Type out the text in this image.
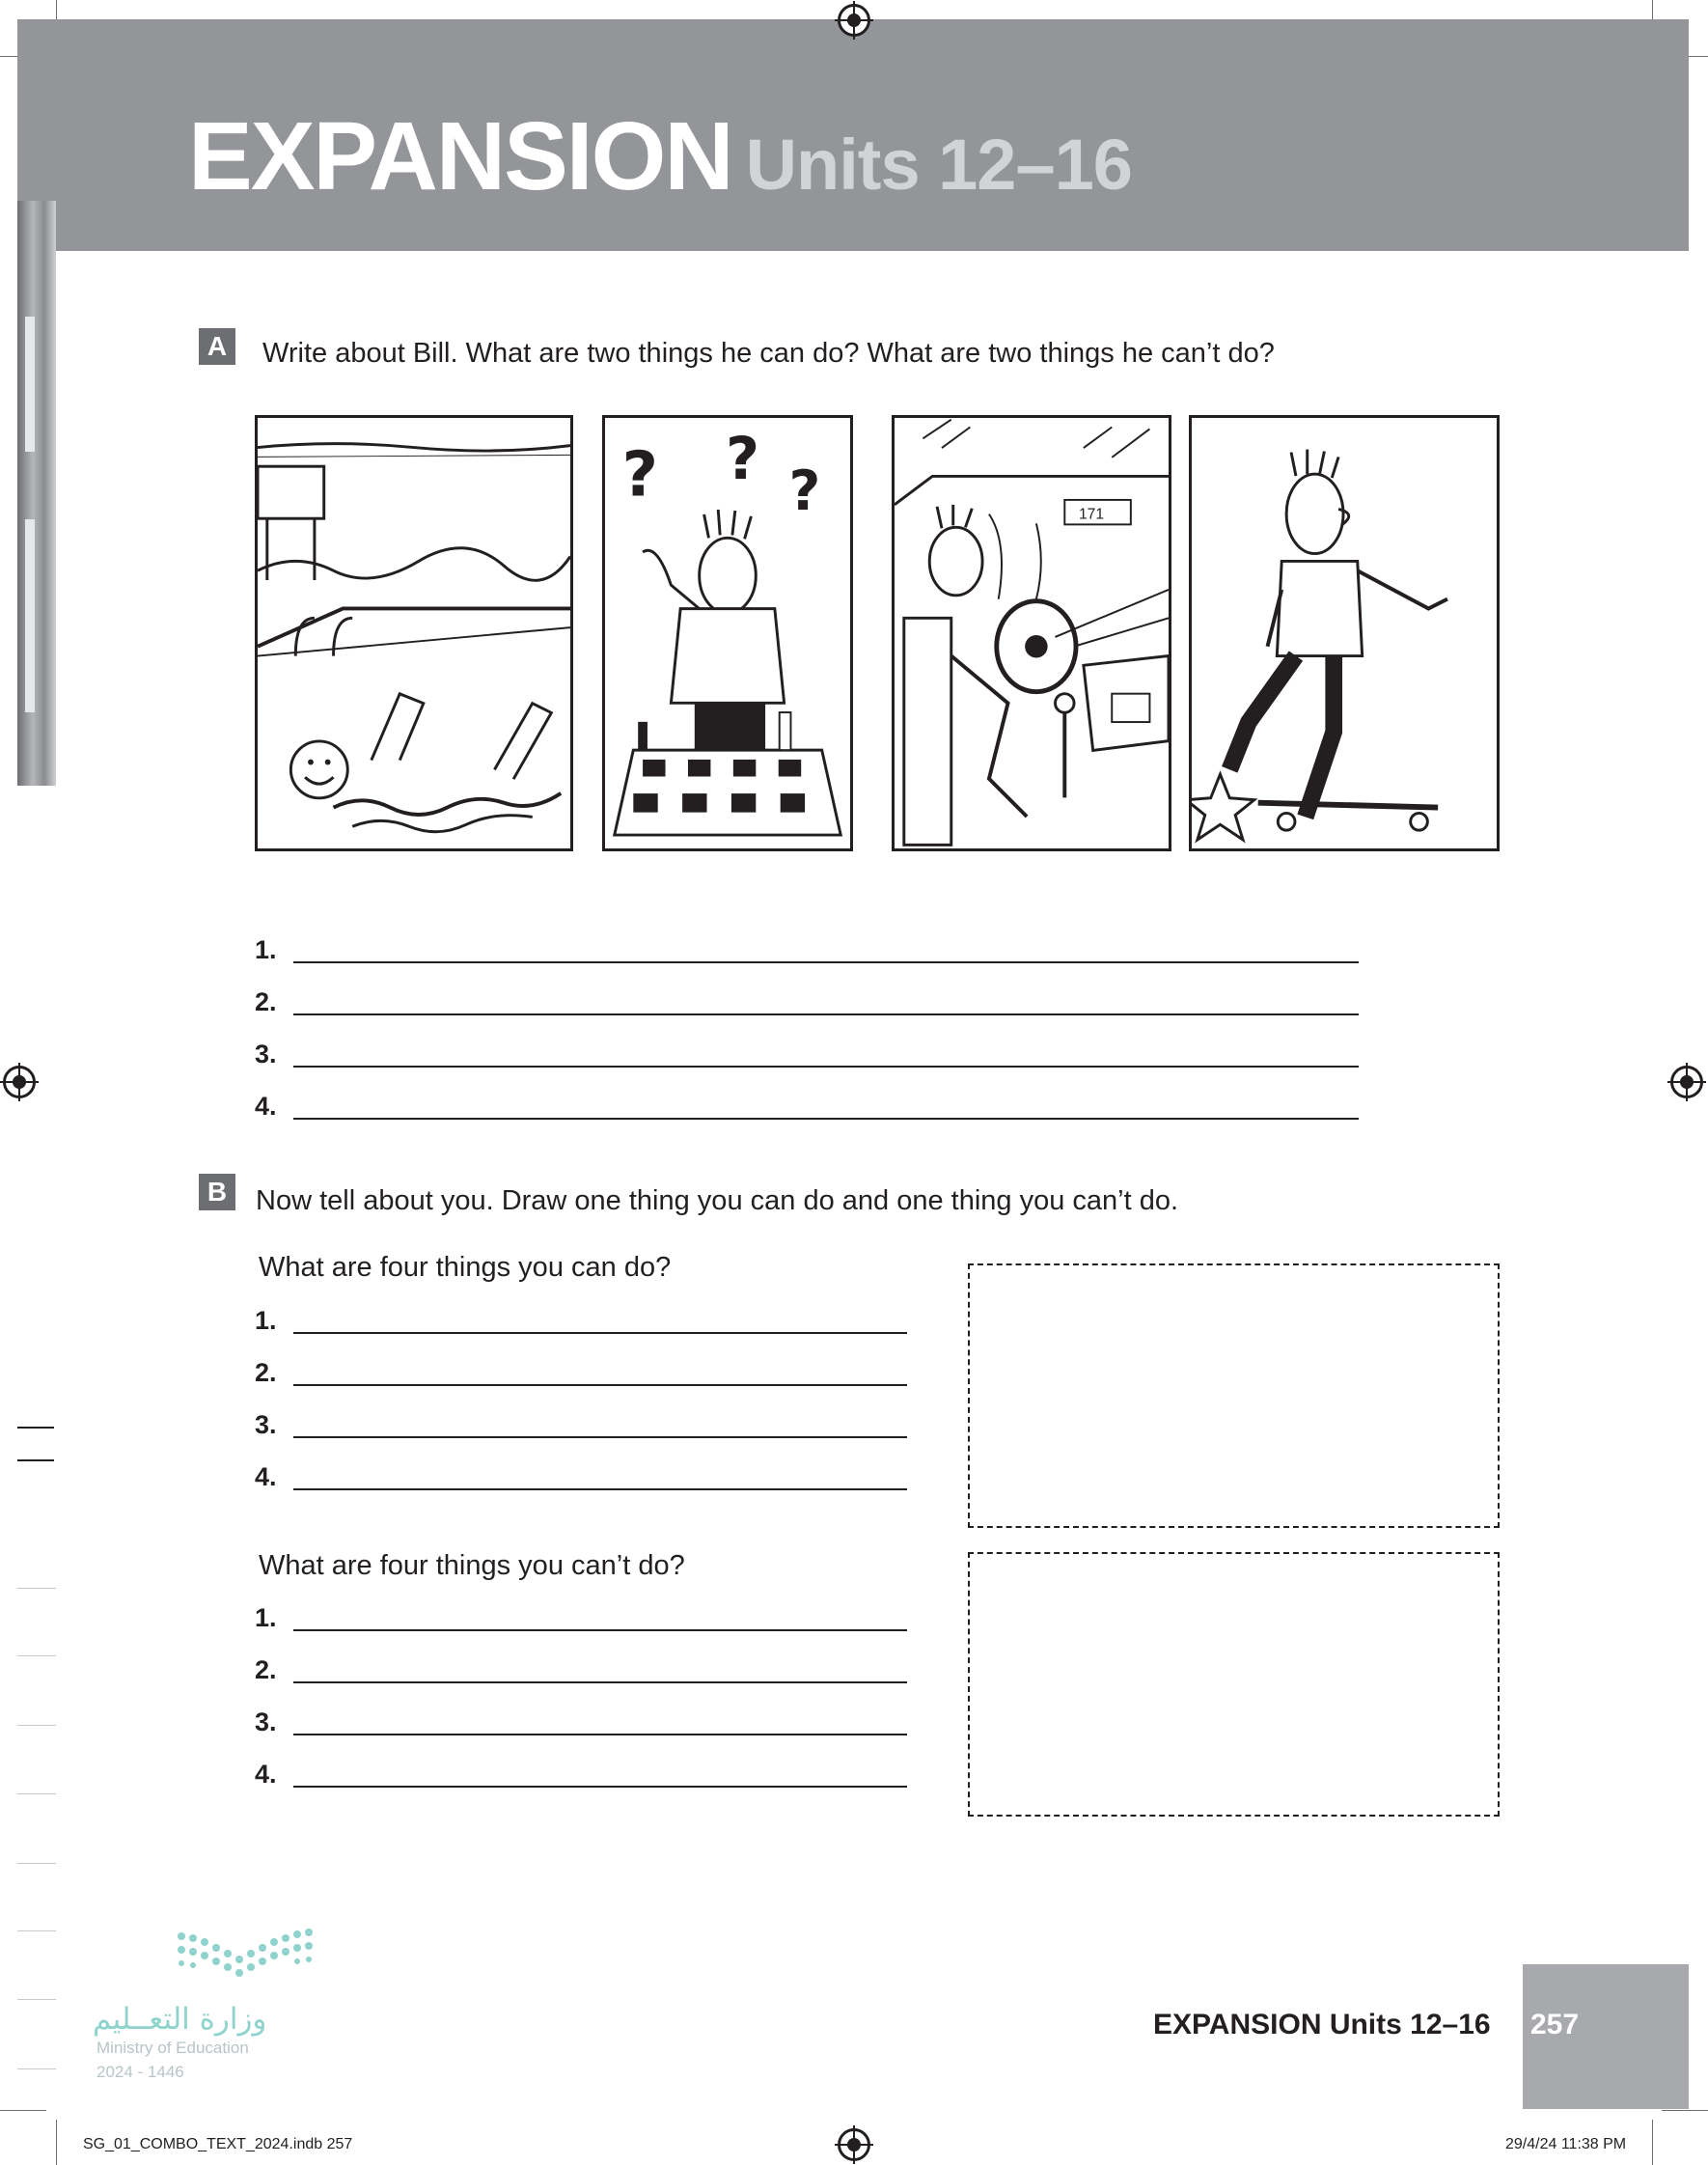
EXPANSION Units 12–16
A	Write about Bill. What are two things he can do? What are two things he can’t do?
? ? ?	171
1.
2.
3.
4.
B	Now tell about you. Draw one thing you can do and one thing you can’t do.
What are four things you can do?
1.
2.
3.
4.
What are four things you can’t do?
1.
2.
3.
4.
وزارة التعــليم
Ministry of Education
2024 - 1446
EXPANSION Units 12–16 257
SG_01_COMBO_TEXT_2024.indb 257	29/4/24 11:38 PM
